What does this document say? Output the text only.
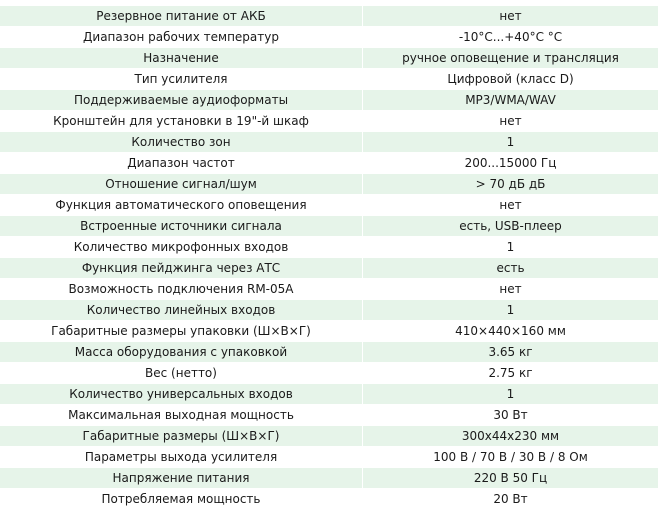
Резервное питание от АКБ	нет
Диапазон рабочих температур	-10°C...+40°C °C
Назначение	ручное оповещение и трансляция
Тип усилителя	Цифровой (класс D)
Поддерживаемые аудиоформаты	MP3/WMA/WAV
Кронштейн для установки в 19"-й шкаф	нет
Количество зон	1
Диапазон частот	200...15000 Гц
Отношение сигнал/шум	> 70 дБ дБ
Функция автоматического оповещения	нет
Встроенные источники сигнала	есть, USB-плеер
Количество микрофонных входов	1
Функция пейджинга через АТС	есть
Возможность подключения RM-05A	нет
Количество линейных входов	1
Габаритные размеры упаковки (Ш×В×Г)	410×440×160 мм
Масса оборудования с упаковкой	3.65 кг
Вес (нетто)	2.75 кг
Количество универсальных входов	1
Максимальная выходная мощность	30 Вт
Габаритные размеры (Ш×В×Г)	300x44x230 мм
Параметры выхода усилителя	100 В / 70 В / 30 В / 8 Ом
Напряжение питания	220 В 50 Гц
Потребляемая мощность	20 Вт
